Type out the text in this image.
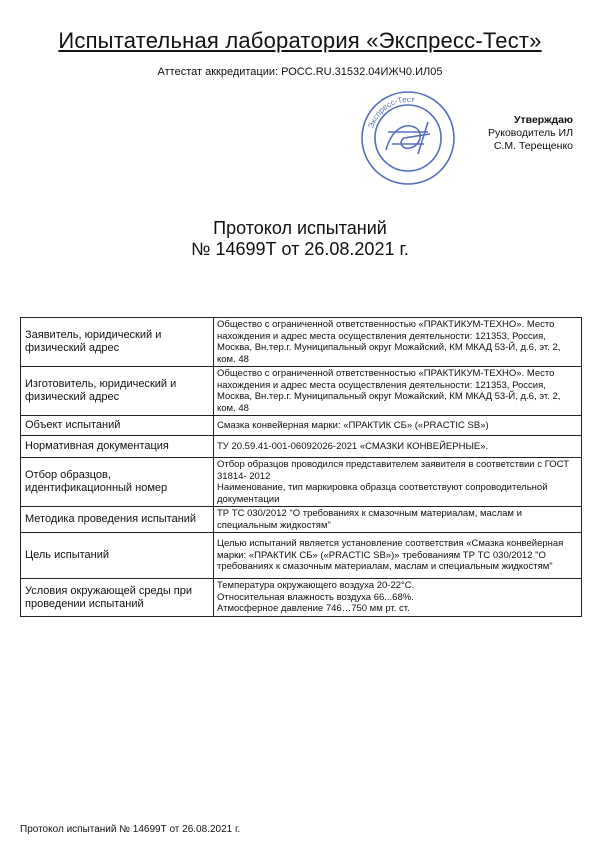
Испытательная лаборатория «Экспресс-Тест»
Аттестат аккредитации: РОСС.RU.31532.04ИЖЧ0.ИЛ05
Экспресс-Тест
Утверждаю
Руководитель ИЛ
С.М. Терещенко
Протокол испытаний
№ 14699Т от 26.08.2021 г.
Заявитель, юридический и физический адрес	Общество с ограниченной ответственностью «ПРАКТИКУМ-ТЕХНО». Место нахождения и адрес места осуществления деятельности: 121353, Россия, Москва, Вн.тер.г. Муниципальный округ Можайский, КМ МКАД 53-Й, д.6, эт. 2, ком. 48
Изготовитель, юридический и физический адрес	Общество с ограниченной ответственностью «ПРАКТИКУМ-ТЕХНО». Место нахождения и адрес места осуществления деятельности: 121353, Россия, Москва, Вн.тер.г. Муниципальный округ Можайский, КМ МКАД 53-Й, д.6, эт. 2, ком. 48
Объект испытаний	Смазка конвейерная марки: «ПРАКТИК СБ» («PRACTIC SB»)
Нормативная документация	ТУ 20.59.41-001-06092026-2021 «СМАЗКИ КОНВЕЙЕРНЫЕ».
Отбор образцов, идентификационный номер	Отбор образцов проводился представителем заявителя в соответствии с ГОСТ 31814- 2012
Наименование, тип маркировка образца соответствуют сопроводительной документации

Методика проведения испытаний	ТР ТС 030/2012 "О требованиях к смазочным материалам, маслам и специальным жидкостям"
Цель испытаний	Целью испытаний является установление соответствия «Смазка конвейерная марки: «ПРАКТИК СБ» («PRACTIC SB»)» требованиям ТР ТС 030/2012 "О требованиях к смазочным материалам, маслам и специальным жидкостям"
Условия окружающей среды при проведении испытаний	Температура окружающего воздуха 20-22°С.
Относительная влажность воздуха 66...68%.
Атмосферное давление 746…750 мм рт. ст.
Протокол испытаний № 14699Т от 26.08.2021 г.
